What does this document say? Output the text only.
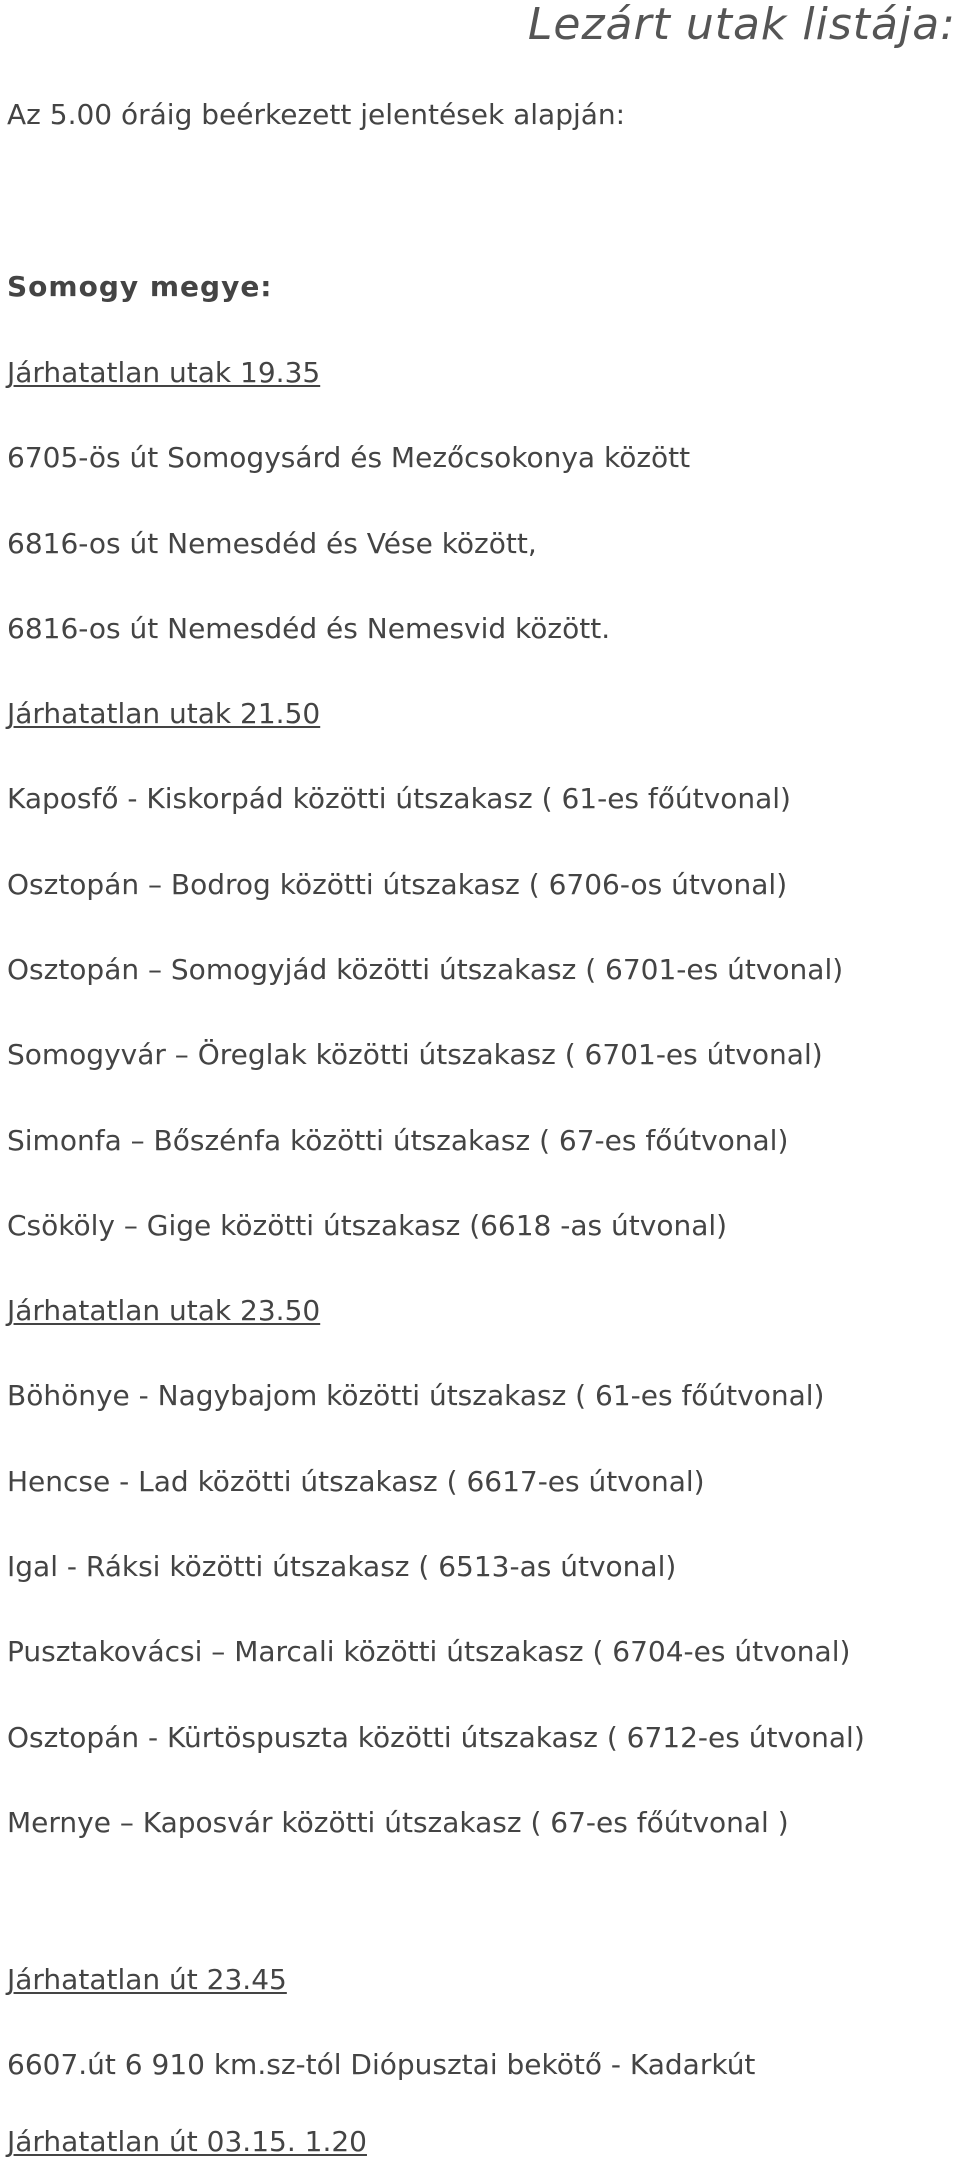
Lezárt utak listája:

Az 5.00 óráig beérkezett jelentések alapján:

Somogy megye:

Járhatatlan utak 19.35

6705-ös út Somogysárd és Mezőcsokonya között

6816-os út Nemesdéd és Vése között,

6816-os út Nemesdéd és Nemesvid között.

Járhatatlan utak 21.50

Kaposfő - Kiskorpád közötti útszakasz ( 61-es főútvonal)

Osztopán – Bodrog közötti útszakasz ( 6706-os útvonal)

Osztopán – Somogyjád közötti útszakasz ( 6701-es útvonal)

Somogyvár – Öreglak közötti útszakasz ( 6701-es útvonal)

Simonfa – Bőszénfa közötti útszakasz ( 67-es főútvonal)

Csököly – Gige közötti útszakasz (6618 -as útvonal)

Járhatatlan utak 23.50

Böhönye - Nagybajom közötti útszakasz ( 61-es főútvonal)

Hencse - Lad közötti útszakasz ( 6617-es útvonal)

Igal - Ráksi közötti útszakasz ( 6513-as útvonal)

Pusztakovácsi – Marcali közötti útszakasz ( 6704-es útvonal)

Osztopán - Kürtöspuszta közötti útszakasz ( 6712-es útvonal)

Mernye – Kaposvár közötti útszakasz ( 67-es főútvonal )

Járhatatlan út 23.45

6607.út 6 910 km.sz-tól Diópusztai bekötő - Kadarkút

Járhatatlan út 03.15. 1.20
